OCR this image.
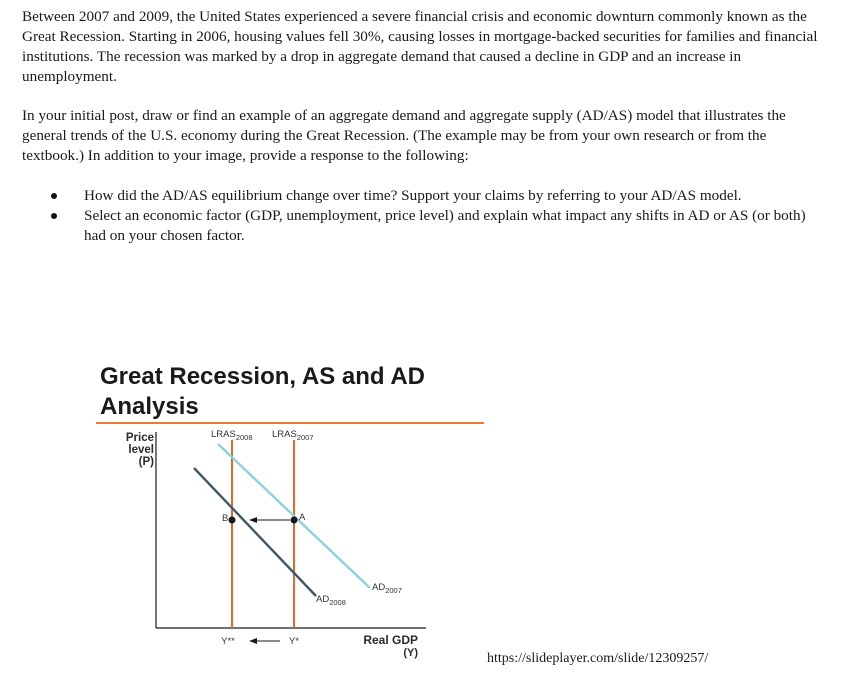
Between 2007 and 2009, the United States experienced a severe financial crisis and economic downturn commonly known as the Great Recession. Starting in 2006, housing values fell 30%, causing losses in mortgage-backed securities for families and financial institutions. The recession was marked by a drop in aggregate demand that caused a decline in GDP and an increase in unemployment.

In your initial post, draw or find an example of an aggregate demand and aggregate supply (AD/AS) model that illustrates the general trends of the U.S. economy during the Great Recession. (The example may be from your own research or from the textbook.) In addition to your image, provide a response to the following:

How did the AD/AS equilibrium change over time? Support your claims by referring to your AD/AS model.
Select an economic factor (GDP, unemployment, price level) and explain what impact any shifts in AD or AS (or both) had on your chosen factor.
Great Recession, AS and AD Analysis
Price
level
(P)
$LRAS_{2008}$ $LRAS_{2007}$
$AD_{2007}$
$AD_{2008}$
A
B
Y**	Y*	Real GDP
(Y)	https://slideplayer.com/slide/12309257/
